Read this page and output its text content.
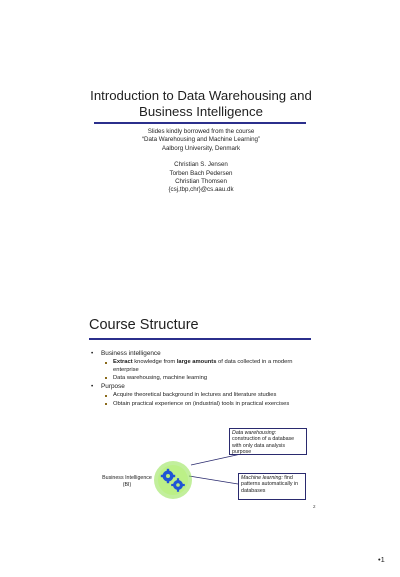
Introduction to Data Warehousing and Business Intelligence
Slides kindly borrowed from the course
“Data Warehousing and Machine Learning”
Aalborg University, Denmark
Christian S. Jensen
Torben Bach Pedersen
Christian Thomsen
{csj,tbp,chr}@cs.aau.dk
Course Structure
• Business intelligence
Extract knowledge from large amounts of data collected in a modern enterprise
Data warehousing, machine learning
• Purpose
Acquire theoretical background in lectures and literature studies
Obtain practical experience on (industrial) tools in practical exercises
Data warehousing: construction of a database with only data analysis purpose
Machine learning: find patterns automatically in databases
Business Intelligence (BI)
2
•1
